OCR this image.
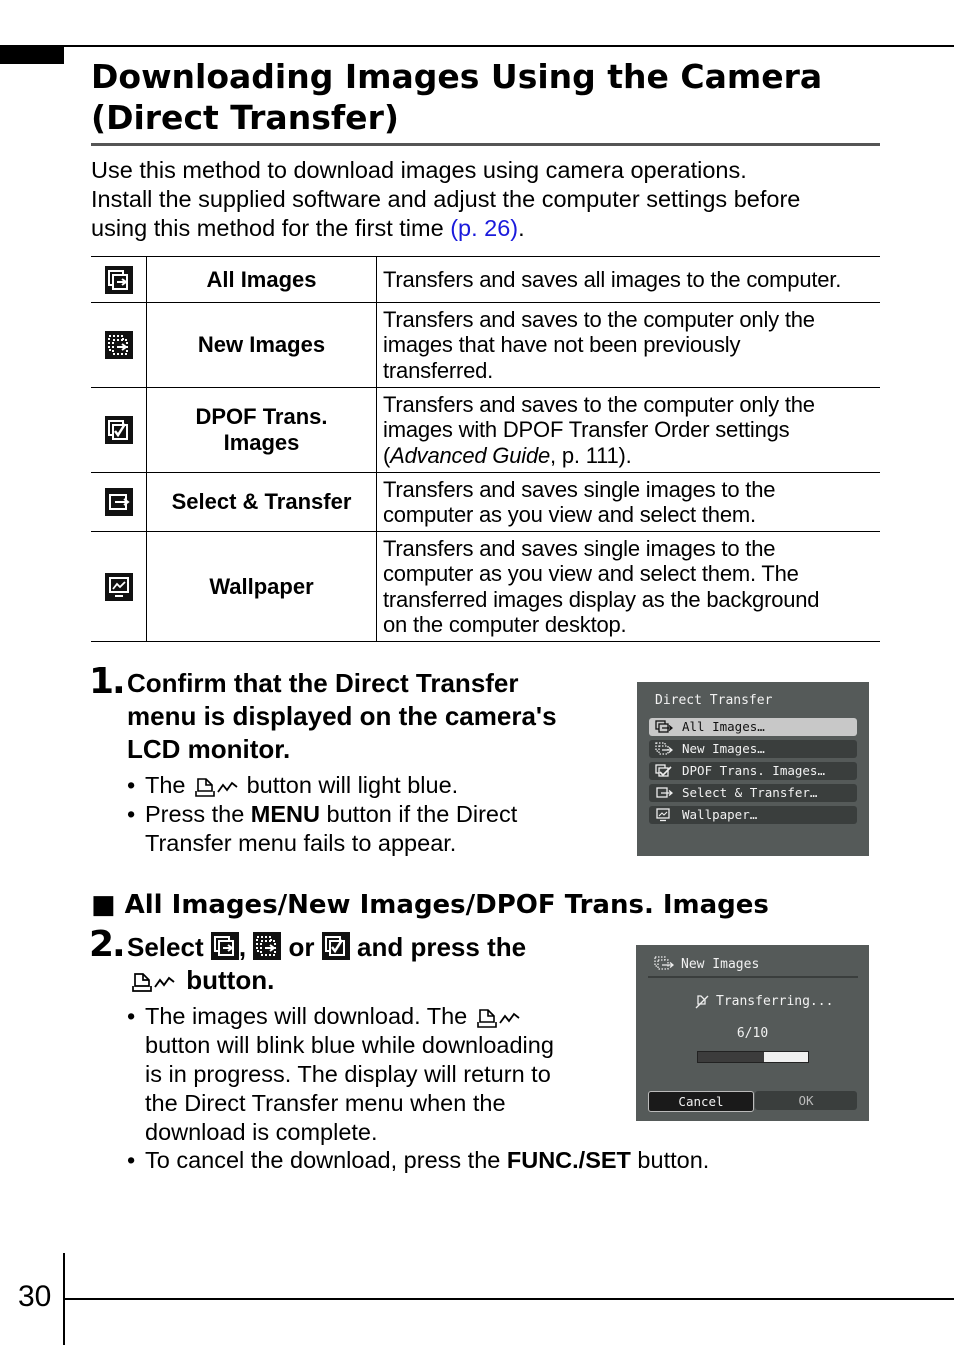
Downloading Images Using the Camera
(Direct Transfer)
Use this method to download images using camera operations.
Install the supplied software and adjust the computer settings before
using this method for the first time (p. 26).
	All Images	Transfers and saves all images to the computer.

	New Images	Transfers and saves to the computer only the
images that have not been previously
transferred.

	DPOF Trans.
Images	Transfers and saves to the computer only the
images with DPOF Transfer Order settings
(Advanced Guide, p. 111).

	Select & Transfer	Transfers and saves single images to the
computer as you view and select them.

	Wallpaper	Transfers and saves single images to the
computer as you view and select them. The
transferred images display as the background
on the computer desktop.
1. Confirm that the Direct Transfer
menu is displayed on the camera's
LCD monitor.
• The	button will light blue.
• Press the MENU button if the Direct
Transfer menu fails to appear.
Direct Transfer
All Images…
New Images…
DPOF Trans. Images…
Select & Transfer…
Wallpaper…
■ All Images/New Images/DPOF Trans. Images
2. Select , or and press the
button.
• The images will download. The
button will blink blue while downloading
is in progress. The display will return to
the Direct Transfer menu when the
download is complete.
• To cancel the download, press the FUNC./SET button.
New Images
Transferring...
6/10
Cancel	OK
30
